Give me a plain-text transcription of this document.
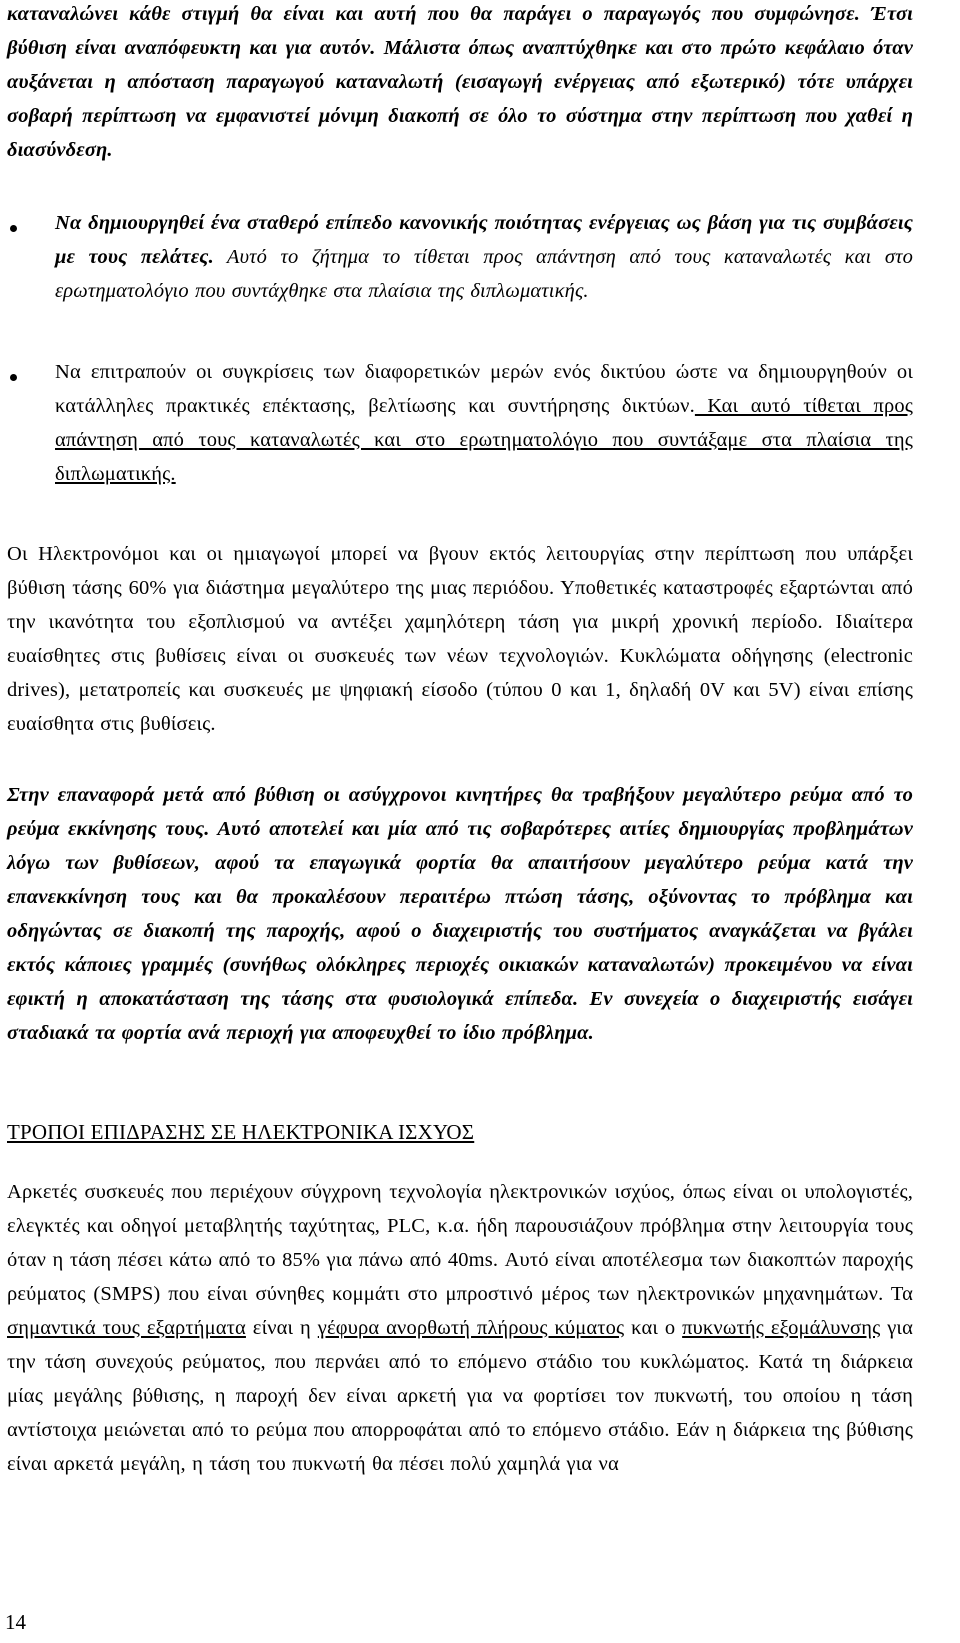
καταναλώνει κάθε στιγμή θα είναι και αυτή που θα παράγει ο παραγωγός που συμφώνησε. Έτσι βύθιση είναι αναπόφευκτη και για αυτόν. Μάλιστα όπως αναπτύχθηκε και στο πρώτο κεφάλαιο όταν αυξάνεται η απόσταση παραγωγού καταναλωτή (εισαγωγή ενέργειας από εξωτερικό) τότε υπάρχει σοβαρή περίπτωση να εμφανιστεί μόνιμη διακοπή σε όλο το σύστημα στην περίπτωση που χαθεί η διασύνδεση.

Να δημιουργηθεί ένα σταθερό επίπεδο κανονικής ποιότητας ενέργειας ως βάση για τις συμβάσεις με τους πελάτες. Αυτό το ζήτημα το τίθεται προς απάντηση από τους καταναλωτές και στο ερωτηματολόγιο που συντάχθηκε στα πλαίσια της διπλωματικής.

Να επιτραπούν οι συγκρίσεις των διαφορετικών μερών ενός δικτύου ώστε να δημιουργηθούν οι κατάλληλες πρακτικές επέκτασης, βελτίωσης και συντήρησης δικτύων. Και αυτό τίθεται προς απάντηση από τους καταναλωτές και στο ερωτηματολόγιο που συντάξαμε στα πλαίσια της διπλωματικής.

Οι Ηλεκτρονόμοι και οι ημιαγωγοί μπορεί να βγουν εκτός λειτουργίας στην περίπτωση που υπάρξει βύθιση τάσης 60% για διάστημα μεγαλύτερο της μιας περιόδου. Υποθετικές καταστροφές εξαρτώνται από την ικανότητα του εξοπλισμού να αντέξει χαμηλότερη τάση για μικρή χρονική περίοδο. Ιδιαίτερα ευαίσθητες στις βυθίσεις είναι οι συσκευές των νέων τεχνολογιών. Κυκλώματα οδήγησης (electronic drives), μετατροπείς και συσκευές με ψηφιακή είσοδο (τύπου 0 και 1, δηλαδή 0V και 5V) είναι επίσης ευαίσθητα στις βυθίσεις.

Στην επαναφορά μετά από βύθιση οι ασύγχρονοι κινητήρες θα τραβήξουν μεγαλύτερο ρεύμα από το ρεύμα εκκίνησης τους. Αυτό αποτελεί και μία από τις σοβαρότερες αιτίες δημιουργίας προβλημάτων λόγω των βυθίσεων, αφού τα επαγωγικά φορτία θα απαιτήσουν μεγαλύτερο ρεύμα κατά την επανεκκίνηση τους και θα προκαλέσουν περαιτέρω πτώση τάσης, οξύνοντας το πρόβλημα και οδηγώντας σε διακοπή της παροχής, αφού ο διαχειριστής του συστήματος αναγκάζεται να βγάλει εκτός κάποιες γραμμές (συνήθως ολόκληρες περιοχές οικιακών καταναλωτών) προκειμένου να είναι εφικτή η αποκατάσταση της τάσης στα φυσιολογικά επίπεδα. Εν συνεχεία ο διαχειριστής εισάγει σταδιακά τα φορτία ανά περιοχή για αποφευχθεί το ίδιο πρόβλημα.

ΤΡΟΠΟΙ ΕΠΙΔΡΑΣΗΣ ΣΕ ΗΛΕΚΤΡΟΝΙΚΑ ΙΣΧΥΟΣ

Αρκετές συσκευές που περιέχουν σύγχρονη τεχνολογία ηλεκτρονικών ισχύος, όπως είναι οι υπολογιστές, ελεγκτές και οδηγοί μεταβλητής ταχύτητας, PLC, κ.α. ήδη παρουσιάζουν πρόβλημα στην λειτουργία τους όταν η τάση πέσει κάτω από το 85% για πάνω από 40ms. Αυτό είναι αποτέλεσμα των διακοπτών παροχής ρεύματος (SMPS) που είναι σύνηθες κομμάτι στο μπροστινό μέρος των ηλεκτρονικών μηχανημάτων. Τα σημαντικά τους εξαρτήματα είναι η γέφυρα ανορθωτή πλήρους κύματος και ο πυκνωτής εξομάλυνσης για την τάση συνεχούς ρεύματος, που περνάει από το επόμενο στάδιο του κυκλώματος. Κατά τη διάρκεια μίας μεγάλης βύθισης, η παροχή δεν είναι αρκετή για να φορτίσει τον πυκνωτή, του οποίου η τάση αντίστοιχα μειώνεται από το ρεύμα που απορροφάται από το επόμενο στάδιο. Εάν η διάρκεια της βύθισης είναι αρκετά μεγάλη, η τάση του πυκνωτή θα πέσει πολύ χαμηλά για να

14
